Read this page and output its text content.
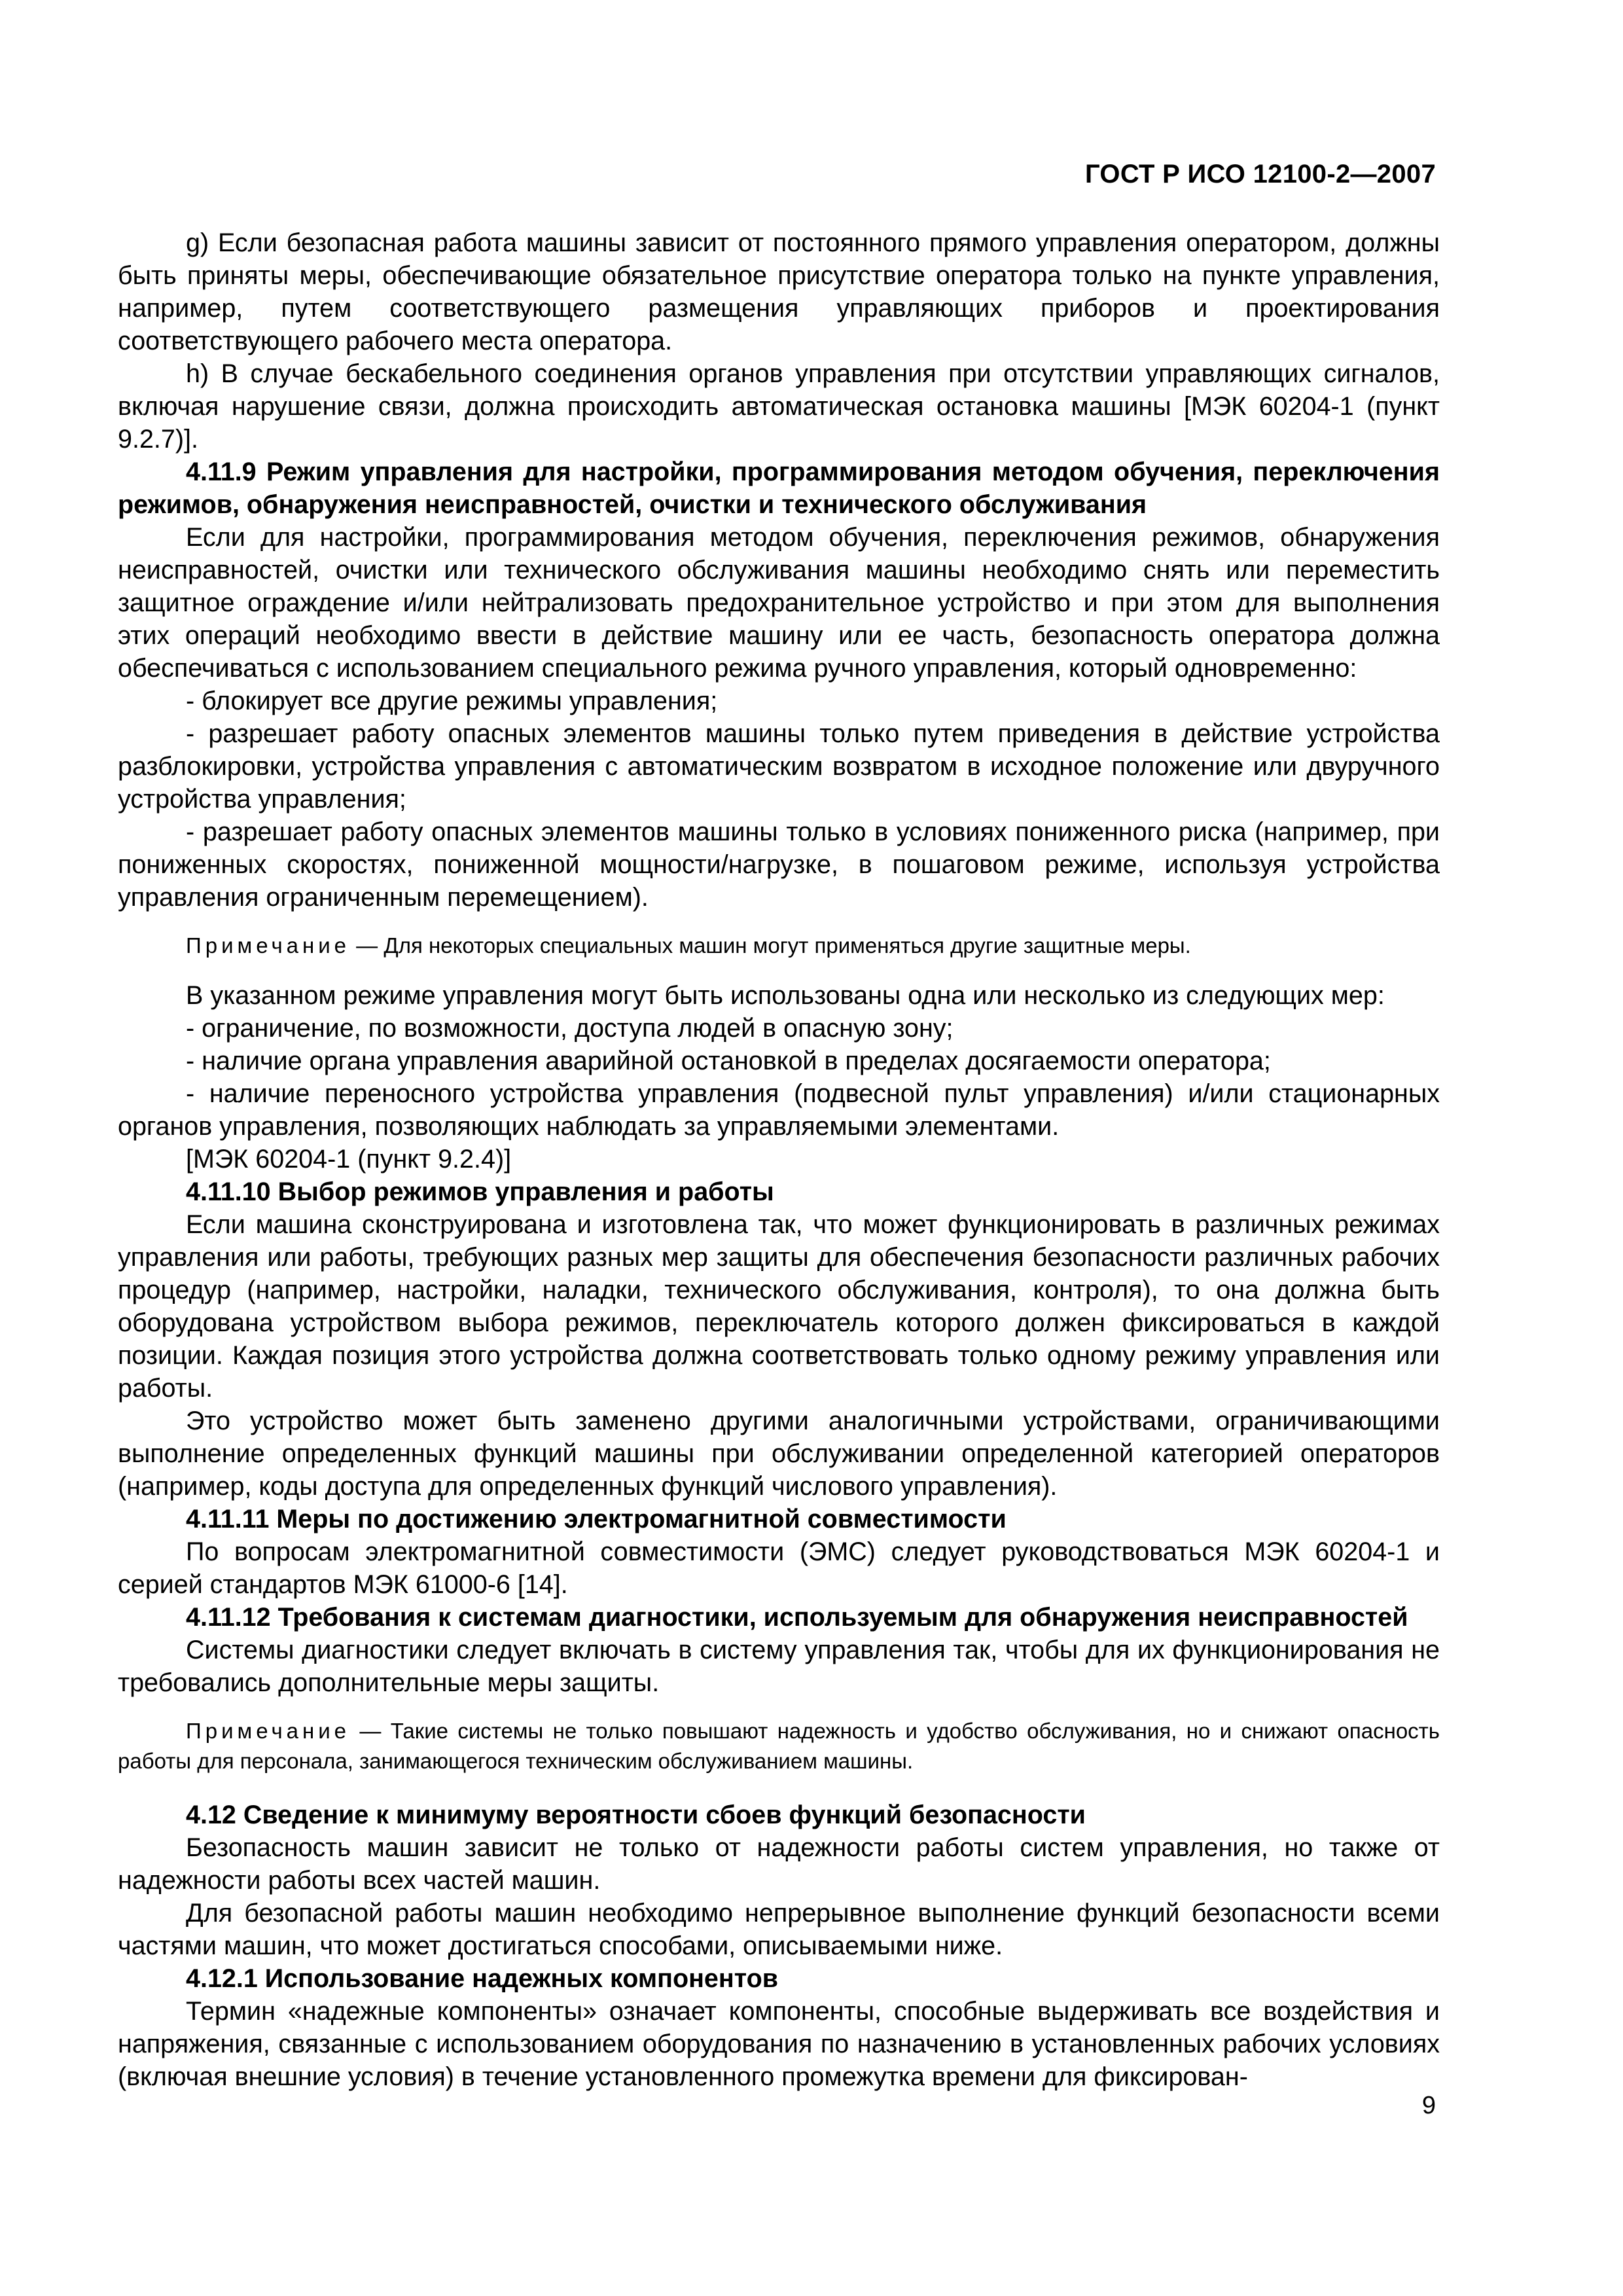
ГОСТ Р ИСО 12100-2—2007

g) Если безопасная работа машины зависит от постоянного прямого управления оператором, должны быть приняты меры, обеспечивающие обязательное присутствие оператора только на пункте управления, например, путем соответствующего размещения управляющих приборов и проектирования соответствующего рабочего места оператора.

h) В случае бескабельного соединения органов управления при отсутствии управляющих сигналов, включая нарушение связи, должна происходить автоматическая остановка машины [МЭК 60204-1 (пункт 9.2.7)].

4.11.9 Режим управления для настройки, программирования методом обучения, переключения режимов, обнаружения неисправностей, очистки и технического обслуживания

Если для настройки, программирования методом обучения, переключения режимов, обнаружения неисправностей, очистки или технического обслуживания машины необходимо снять или переместить защитное ограждение и/или нейтрализовать предохранительное устройство и при этом для выполнения этих операций необходимо ввести в действие машину или ее часть, безопасность оператора должна обеспечиваться с использованием специального режима ручного управления, который одновременно:

- блокирует все другие режимы управления;

- разрешает работу опасных элементов машины только путем приведения в действие устройства разблокировки, устройства управления с автоматическим возвратом в исходное положение или двуручного устройства управления;

- разрешает работу опасных элементов машины только в условиях пониженного риска (например, при пониженных скоростях, пониженной мощности/нагрузке, в пошаговом режиме, используя устройства управления ограниченным перемещением).

Примечание — Для некоторых специальных машин могут применяться другие защитные меры.

В указанном режиме управления могут быть использованы одна или несколько из следующих мер:

- ограничение, по возможности, доступа людей в опасную зону;

- наличие органа управления аварийной остановкой в пределах досягаемости оператора;

- наличие переносного устройства управления (подвесной пульт управления) и/или стационарных органов управления, позволяющих наблюдать за управляемыми элементами.

[МЭК 60204-1 (пункт 9.2.4)]

4.11.10 Выбор режимов управления и работы

Если машина сконструирована и изготовлена так, что может функционировать в различных режимах управления или работы, требующих разных мер защиты для обеспечения безопасности различных рабочих процедур (например, настройки, наладки, технического обслуживания, контроля), то она должна быть оборудована устройством выбора режимов, переключатель которого должен фиксироваться в каждой позиции. Каждая позиция этого устройства должна соответствовать только одному режиму управления или работы.

Это устройство может быть заменено другими аналогичными устройствами, ограничивающими выполнение определенных функций машины при обслуживании определенной категорией операторов (например, коды доступа для определенных функций числового управления).

4.11.11 Меры по достижению электромагнитной совместимости

По вопросам электромагнитной совместимости (ЭМС) следует руководствоваться МЭК 60204-1 и серией стандартов МЭК 61000-6 [14].

4.11.12 Требования к системам диагностики, используемым для обнаружения неисправностей

Системы диагностики следует включать в систему управления так, чтобы для их функционирования не требовались дополнительные меры защиты.

Примечание — Такие системы не только повышают надежность и удобство обслуживания, но и снижают опасность работы для персонала, занимающегося техническим обслуживанием машины.

4.12 Сведение к минимуму вероятности сбоев функций безопасности

Безопасность машин зависит не только от надежности работы систем управления, но также от надежности работы всех частей машин.

Для безопасной работы машин необходимо непрерывное выполнение функций безопасности всеми частями машин, что может достигаться способами, описываемыми ниже.

4.12.1 Использование надежных компонентов

Термин «надежные компоненты» означает компоненты, способные выдерживать все воздействия и напряжения, связанные с использованием оборудования по назначению в установленных рабочих условиях (включая внешние условия) в течение установленного промежутка времени для фиксирован-

9
